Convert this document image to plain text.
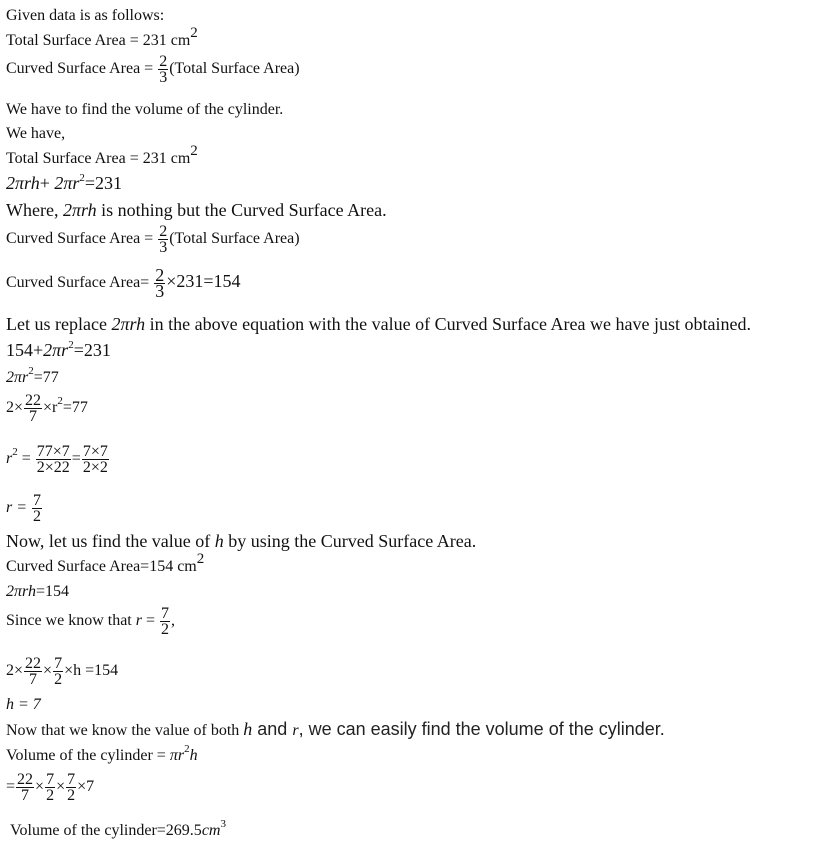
Given data is as follows:
Total Surface Area = 231 $cm^2$
Curved Surface Area = $\frac{2}{3}$ (Total Surface Area)
We have to find the volume of the cylinder.
We have,
Total Surface Area = 231 $cm^2$
$2\pi rh+ 2\pi r^2=231$
Where, 2πrh is nothing but the Curved Surface Area.
Curved Surface Area = $\frac{2}{3}$ (Total Surface Area)
Curved Surface Area= $\frac{2}{3} \times 231=154$
Let us replace 2πrh in the above equation with the value of Curved Surface Area we have just obtained.
$154+2\pi r^2=231$
$2\pi r^2=77$
$2\times \frac{22}{7} \times r^2=77$
$r^2 = \frac{77\times 7}{2\times 22} = \frac{7\times 7}{2\times 2}$
$r = \frac{7}{2}$
Now, let us find the value of h by using the Curved Surface Area.
Curved Surface Area=154 $cm^2$
2πrh=154
Since we know that $r = \frac{7}{2}$ ,
$2\times \frac{22}{7} \times \frac{7}{2} \times h =154$
h = 7
Now that we know the value of both h and r, we can easily find the volume of the cylinder.
Volume of the cylinder = $\pi r^2h$
= $\frac{22}{7} \times \frac{7}{2} \times \frac{7}{2} \times 7$
Volume of the $cylinder=269.5cm^3$
